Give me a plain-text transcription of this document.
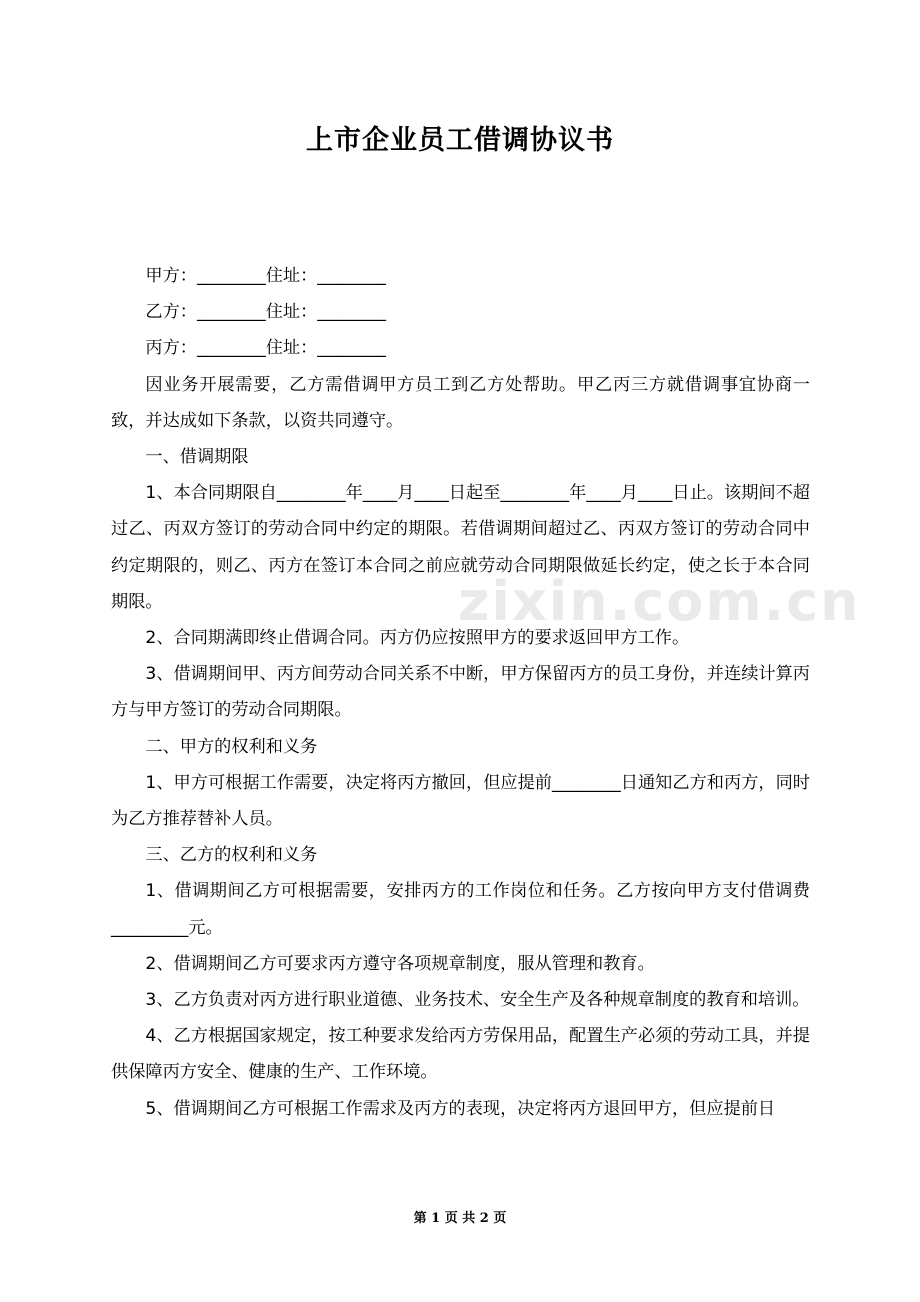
上市企业员工借调协议书
zixin.com.cn

甲方：________住址：________

乙方：________住址：________

丙方：________住址：________

因业务开展需要，乙方需借调甲方员工到乙方处帮助。甲乙丙三方就借调事宜协商一致，并达成如下条款，以资共同遵守。

一、借调期限

1、本合同期限自________年____月____日起至________年____月____日止。该期间不超过乙、丙双方签订的劳动合同中约定的期限。若借调期间超过乙、丙双方签订的劳动合同中约定期限的，则乙、丙方在签订本合同之前应就劳动合同期限做延长约定，使之长于本合同期限。

2、合同期满即终止借调合同。丙方仍应按照甲方的要求返回甲方工作。

3、借调期间甲、丙方间劳动合同关系不中断，甲方保留丙方的员工身份，并连续计算丙方与甲方签订的劳动合同期限。

二、甲方的权利和义务

1、甲方可根据工作需要，决定将丙方撤回，但应提前________日通知乙方和丙方，同时为乙方推荐替补人员。

三、乙方的权利和义务

1、借调期间乙方可根据需要，安排丙方的工作岗位和任务。乙方按向甲方支付借调费_________元。

2、借调期间乙方可要求丙方遵守各项规章制度，服从管理和教育。

3、乙方负责对丙方进行职业道德、业务技术、安全生产及各种规章制度的教育和培训。

4、乙方根据国家规定，按工种要求发给丙方劳保用品，配置生产必须的劳动工具，并提供保障丙方安全、健康的生产、工作环境。

5、借调期间乙方可根据工作需求及丙方的表现，决定将丙方退回甲方，但应提前日

第 1 页 共 2 页
